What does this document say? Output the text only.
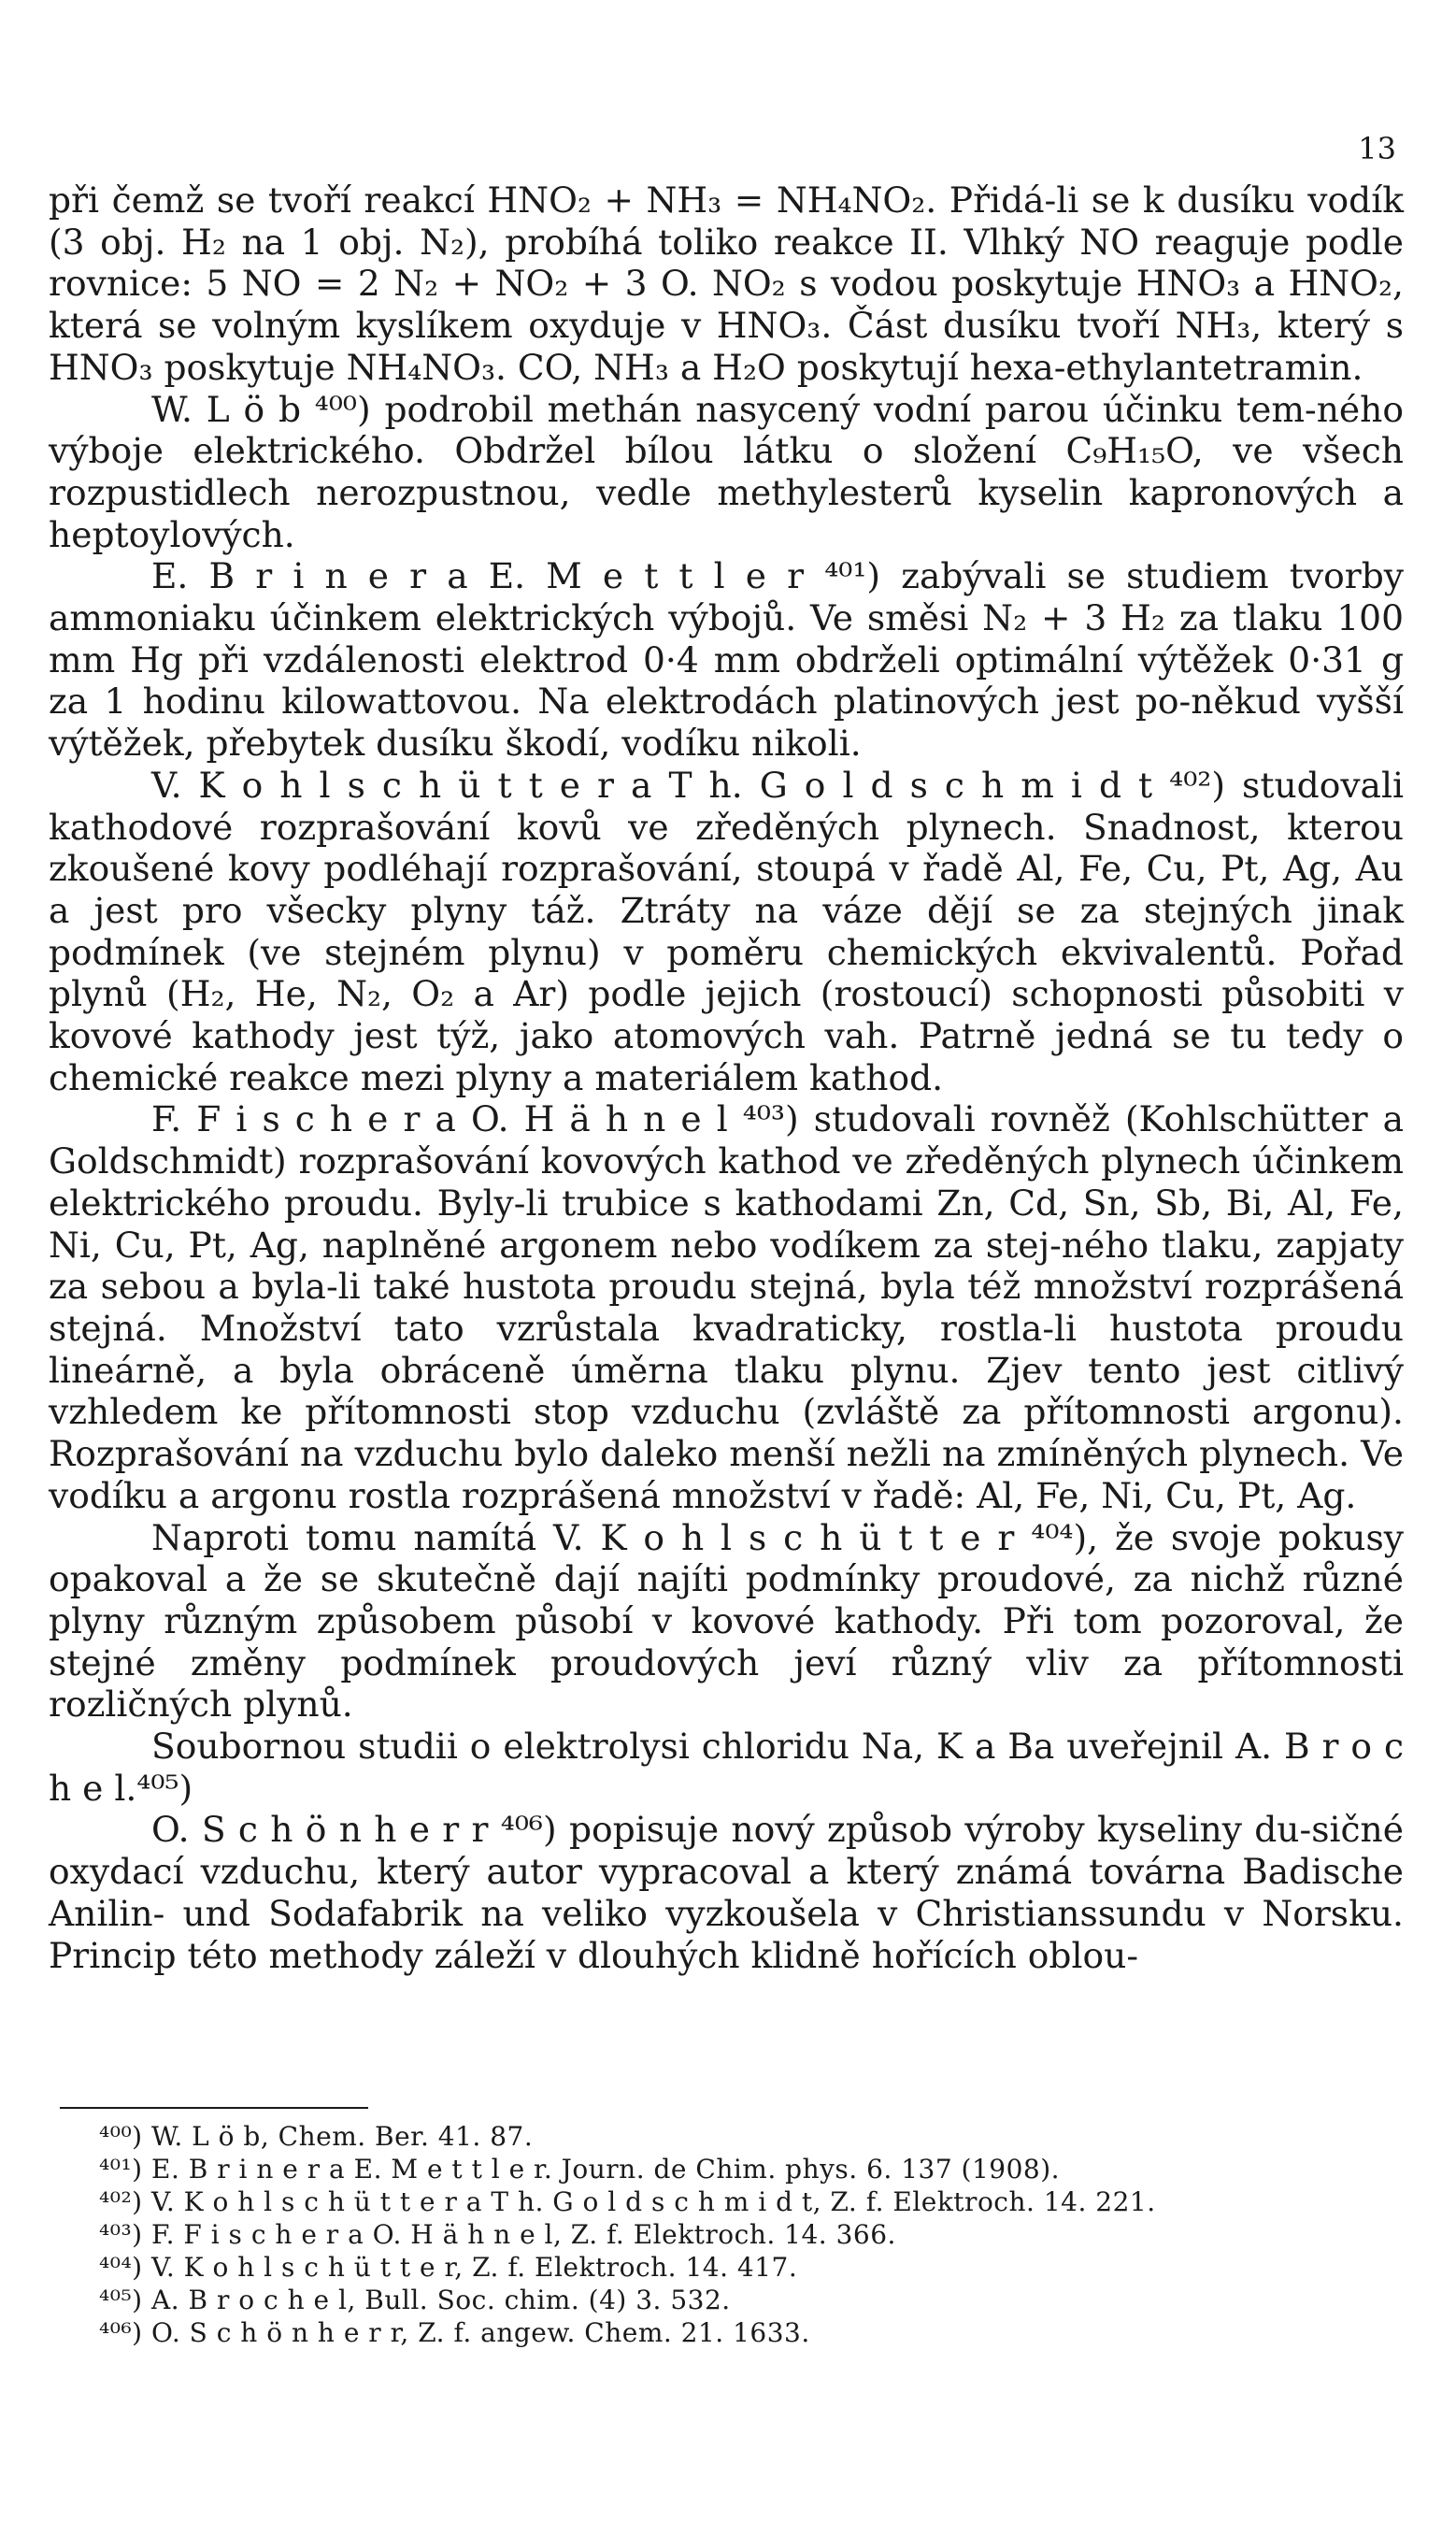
13

při čemž se tvoří reakcí HNO₂ + NH₃ = NH₄NO₂. Přidá-li se k dusíku vodík (3 obj. H₂ na 1 obj. N₂), probíhá toliko reakce II. Vlhký NO reaguje podle rovnice: 5 NO = 2 N₂ + NO₂ + 3 O. NO₂ s vodou poskytuje HNO₃ a HNO₂, která se volným kyslíkem oxyduje v HNO₃. Část dusíku tvoří NH₃, který s HNO₃ poskytuje NH₄NO₃. CO, NH₃ a H₂O poskytují hexa-ethylantetramin.

W. L ö b ⁴⁰⁰) podrobil methán nasycený vodní parou účinku tem-ného výboje elektrického. Obdržel bílou látku o složení C₉H₁₅O, ve všech rozpustidlech nerozpustnou, vedle methylesterů kyselin kapronových a heptoylových.

E. B r i n e r a E. M e t t l e r ⁴⁰¹) zabývali se studiem tvorby ammoniaku účinkem elektrických výbojů. Ve směsi N₂ + 3 H₂ za tlaku 100 mm Hg při vzdálenosti elektrod 0·4 mm obdrželi optimální výtěžek 0·31 g za 1 hodinu kilowattovou. Na elektrodách platinových jest po-někud vyšší výtěžek, přebytek dusíku škodí, vodíku nikoli.

V. K o h l s c h ü t t e r a T h. G o l d s c h m i d t ⁴⁰²) studovali kathodové rozprašování kovů ve zředěných plynech. Snadnost, kterou zkoušené kovy podléhají rozprašování, stoupá v řadě Al, Fe, Cu, Pt, Ag, Au a jest pro všecky plyny táž. Ztráty na váze dějí se za stejných jinak podmínek (ve stejném plynu) v poměru chemických ekvivalentů. Pořad plynů (H₂, He, N₂, O₂ a Ar) podle jejich (rostoucí) schopnosti působiti v kovové kathody jest týž, jako atomových vah. Patrně jedná se tu tedy o chemické reakce mezi plyny a materiálem kathod.

F. F i s c h e r a O. H ä h n e l ⁴⁰³) studovali rovněž (Kohlschütter a Goldschmidt) rozprašování kovových kathod ve zředěných plynech účinkem elektrického proudu. Byly-li trubice s kathodami Zn, Cd, Sn, Sb, Bi, Al, Fe, Ni, Cu, Pt, Ag, naplněné argonem nebo vodíkem za stej-ného tlaku, zapjaty za sebou a byla-li také hustota proudu stejná, byla též množství rozprášená stejná. Množství tato vzrůstala kvadraticky, rostla-li hustota proudu lineárně, a byla obráceně úměrna tlaku plynu. Zjev tento jest citlivý vzhledem ke přítomnosti stop vzduchu (zvláště za přítomnosti argonu). Rozprašování na vzduchu bylo daleko menší nežli na zmíněných plynech. Ve vodíku a argonu rostla rozprášená množství v řadě: Al, Fe, Ni, Cu, Pt, Ag.

Naproti tomu namítá V. K o h l s c h ü t t e r ⁴⁰⁴), že svoje pokusy opakoval a že se skutečně dají najíti podmínky proudové, za nichž různé plyny různým způsobem působí v kovové kathody. Při tom pozoroval, že stejné změny podmínek proudových jeví různý vliv za přítomnosti rozličných plynů.

Soubornou studii o elektrolysi chloridu Na, K a Ba uveřejnil A. B r o c h e l.⁴⁰⁵)

O. S c h ö n h e r r ⁴⁰⁶) popisuje nový způsob výroby kyseliny du-sičné oxydací vzduchu, který autor vypracoval a který známá továrna Badische Anilin- und Sodafabrik na veliko vyzkoušela v Christianssundu v Norsku. Princip této methody záleží v dlouhých klidně hořících oblou-

⁴⁰⁰) W. L ö b, Chem. Ber. 41. 87.

⁴⁰¹) E. B r i n e r a E. M e t t l e r. Journ. de Chim. phys. 6. 137 (1908).

⁴⁰²) V. K o h l s c h ü t t e r a T h. G o l d s c h m i d t, Z. f. Elektroch. 14. 221.

⁴⁰³) F. F i s c h e r a O. H ä h n e l, Z. f. Elektroch. 14. 366.

⁴⁰⁴) V. K o h l s c h ü t t e r, Z. f. Elektroch. 14. 417.

⁴⁰⁵) A. B r o c h e l, Bull. Soc. chim. (4) 3. 532.

⁴⁰⁶) O. S c h ö n h e r r, Z. f. angew. Chem. 21. 1633.
